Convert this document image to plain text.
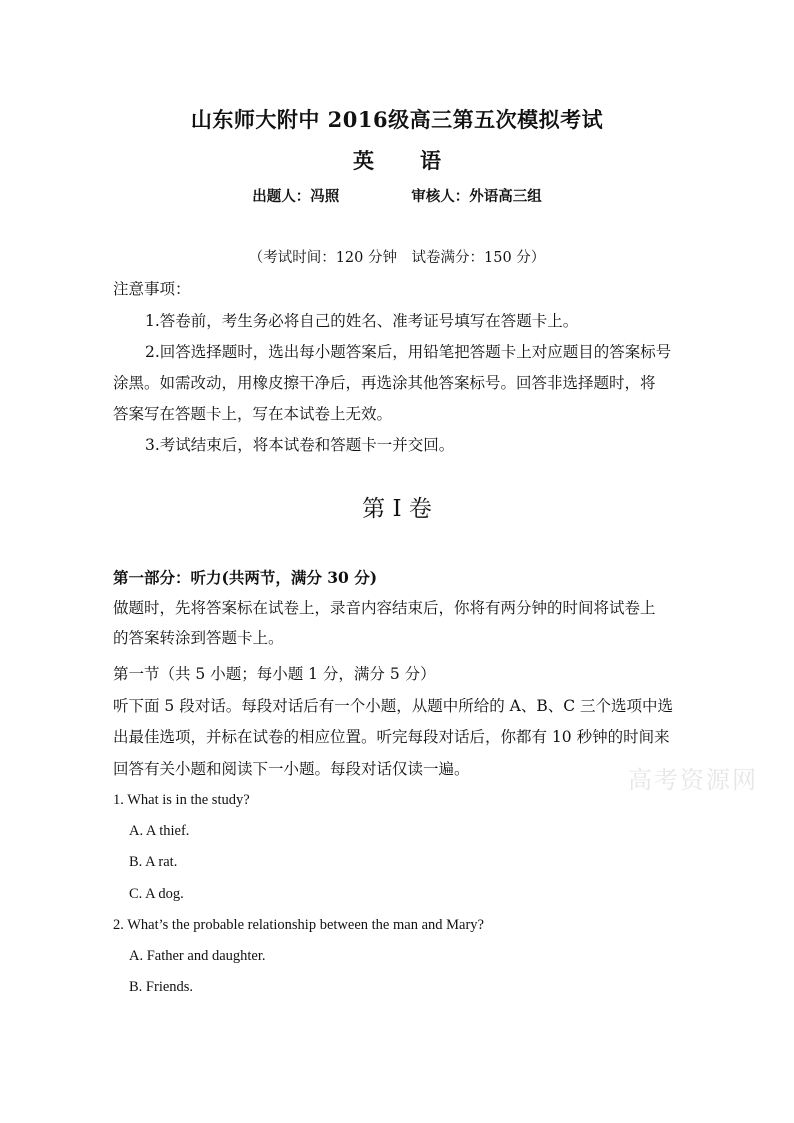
山东师大附中 2016级高三第五次模拟考试
英 语
出题人：冯照	审核人：外语高三组
（考试时间：120 分钟　试卷满分：150 分）
注意事项：
1.答卷前，考生务必将自己的姓名、准考证号填写在答题卡上。
2.回答选择题时，选出每小题答案后，用铅笔把答题卡上对应题目的答案标号
涂黑。如需改动，用橡皮擦干净后，再选涂其他答案标号。回答非选择题时，将
答案写在答题卡上，写在本试卷上无效。
3.考试结束后，将本试卷和答题卡一并交回。
第 I 卷
第一部分：听力(共两节，满分 30 分)
做题时，先将答案标在试卷上，录音内容结束后，你将有两分钟的时间将试卷上
的答案转涂到答题卡上。
第一节（共 5 小题；每小题 1 分，满分 5 分）
听下面 5 段对话。每段对话后有一个小题，从题中所给的 A、B、C 三个选项中选
出最佳选项，并标在试卷的相应位置。听完每段对话后，你都有 10 秒钟的时间来
回答有关小题和阅读下一小题。每段对话仅读一遍。
1. What is in the study?
A. A thief.
B. A rat.
C. A dog.
2. What’s the probable relationship between the man and Mary?
A. Father and daughter.
B. Friends.
高考资源网
